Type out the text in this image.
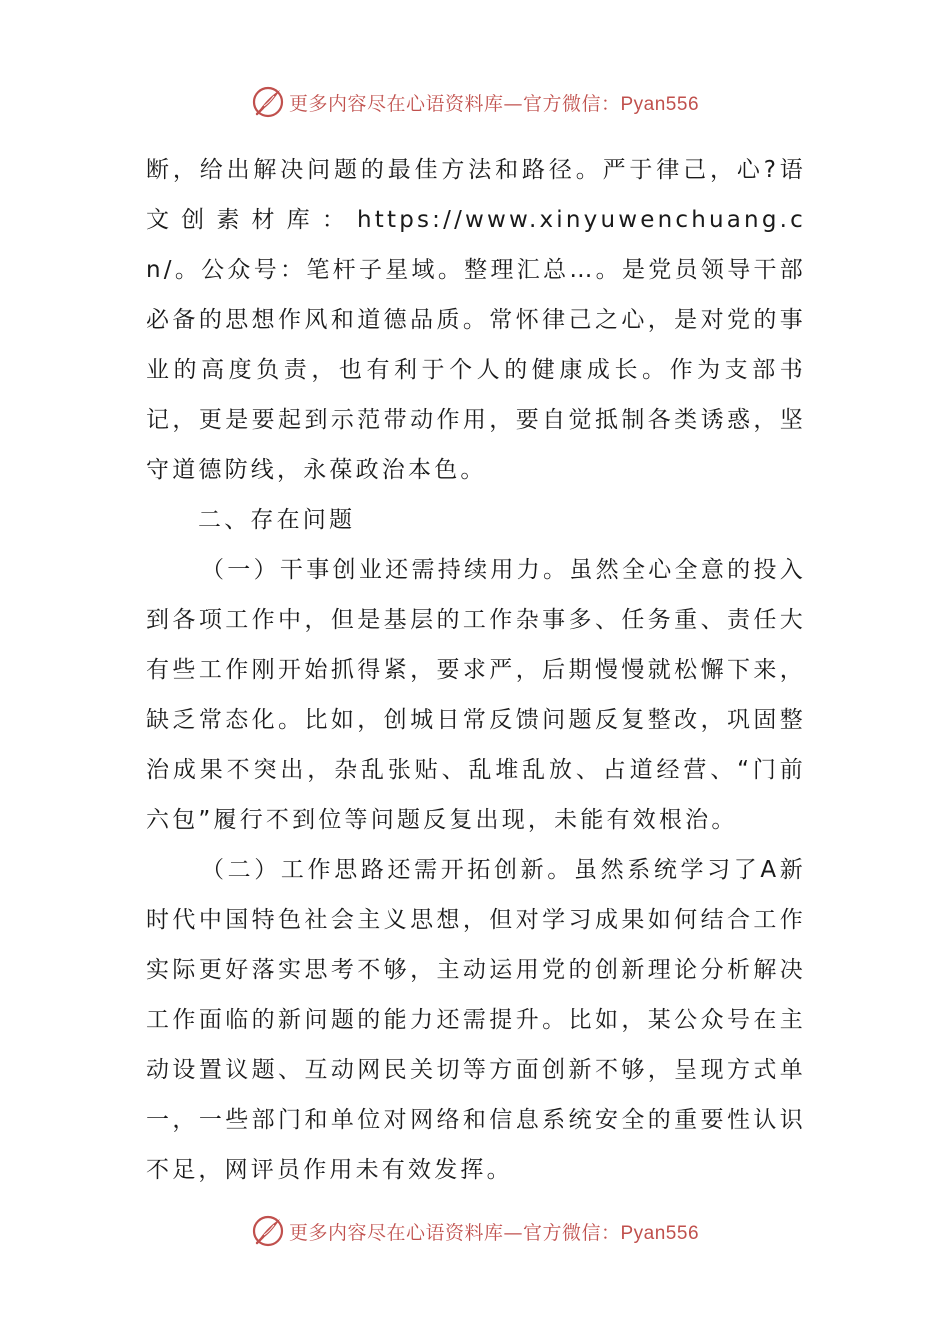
更多内容尽在心语资料库—官方微信：Pyan556

断，给出解决问题的最佳方法和路径。严于律己，心?语文创素材库：https://www.xinyuwenchuang.cn/。公众号：笔杆子星域。整理汇总…。是党员领导干部必备的思想作风和道德品质。常怀律己之心，是对党的事业的高度负责，也有利于个人的健康成长。作为支部书记，更是要起到示范带动作用，要自觉抵制各类诱惑，坚守道德防线，永葆政治本色。

二、存在问题

（一）干事创业还需持续用力。虽然全心全意的投入到各项工作中，但是基层的工作杂事多、任务重、责任大有些工作刚开始抓得紧，要求严，后期慢慢就松懈下来，缺乏常态化。比如，创城日常反馈问题反复整改，巩固整治成果不突出，杂乱张贴、乱堆乱放、占道经营、“门前六包”履行不到位等问题反复出现，未能有效根治。

（二）工作思路还需开拓创新。虽然系统学习了A新时代中国特色社会主义思想，但对学习成果如何结合工作实际更好落实思考不够，主动运用党的创新理论分析解决工作面临的新问题的能力还需提升。比如，某公众号在主动设置议题、互动网民关切等方面创新不够，呈现方式单一，一些部门和单位对网络和信息系统安全的重要性认识不足，网评员作用未有效发挥。

更多内容尽在心语资料库—官方微信：Pyan556
